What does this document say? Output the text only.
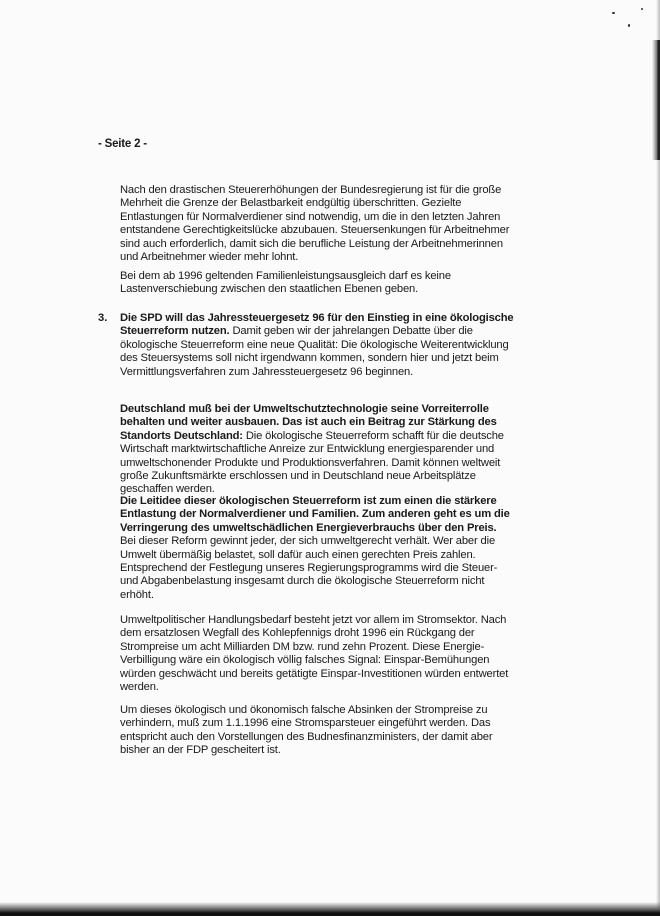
- Seite 2 -

Nach den drastischen Steuererhöhungen der Bundesregierung ist für die große Mehrheit die Grenze der Belastbarkeit endgültig überschritten. Gezielte Entlastungen für Normalverdiener sind notwendig, um die in den letzten Jahren entstandene Gerechtigkeitslücke abzubauen. Steuersenkungen für Arbeitnehmer sind auch erforderlich, damit sich die berufliche Leistung der Arbeitnehmerinnen und Arbeitnehmer wieder mehr lohnt.

Bei dem ab 1996 geltenden Familienleistungsausgleich darf es keine Lastenverschiebung zwischen den staatlichen Ebenen geben.

3. Die SPD will das Jahressteuergesetz 96 für den Einstieg in eine ökologische Steuerreform nutzen. Damit geben wir der jahrelangen Debatte über die ökologische Steuerreform eine neue Qualität: Die ökologische Weiterentwicklung des Steuersystems soll nicht irgendwann kommen, sondern hier und jetzt beim Vermittlungsverfahren zum Jahressteuergesetz 96 beginnen.

Deutschland muß bei der Umweltschutztechnologie seine Vorreiterrolle behalten und weiter ausbauen. Das ist auch ein Beitrag zur Stärkung des Standorts Deutschland: Die ökologische Steuerreform schafft für die deutsche Wirtschaft marktwirtschaftliche Anreize zur Entwicklung energiesparender und umweltschonender Produkte und Produktionsverfahren. Damit können weltweit große Zukunftsmärkte erschlossen und in Deutschland neue Arbeitsplätze geschaffen werden.

Die Leitidee dieser ökologischen Steuerreform ist zum einen die stärkere Entlastung der Normalverdiener und Familien. Zum anderen geht es um die Verringerung des umweltschädlichen Energieverbrauchs über den Preis. Bei dieser Reform gewinnt jeder, der sich umweltgerecht verhält. Wer aber die Umwelt übermäßig belastet, soll dafür auch einen gerechten Preis zahlen. Entsprechend der Festlegung unseres Regierungsprogramms wird die Steuer- und Abgabenbelastung insgesamt durch die ökologische Steuerreform nicht erhöht.

Umweltpolitischer Handlungsbedarf besteht jetzt vor allem im Stromsektor. Nach dem ersatzlosen Wegfall des Kohlepfennigs droht 1996 ein Rückgang der Strompreise um acht Milliarden DM bzw. rund zehn Prozent. Diese Energie-Verbilligung wäre ein ökologisch völlig falsches Signal: Einspar-Bemühungen würden geschwächt und bereits getätigte Einspar-Investitionen würden entwertet werden.

Um dieses ökologisch und ökonomisch falsche Absinken der Strompreise zu verhindern, muß zum 1.1.1996 eine Stromsparsteuer eingeführt werden. Das entspricht auch den Vorstellungen des Budnesfinanzministers, der damit aber bisher an der FDP gescheitert ist.
